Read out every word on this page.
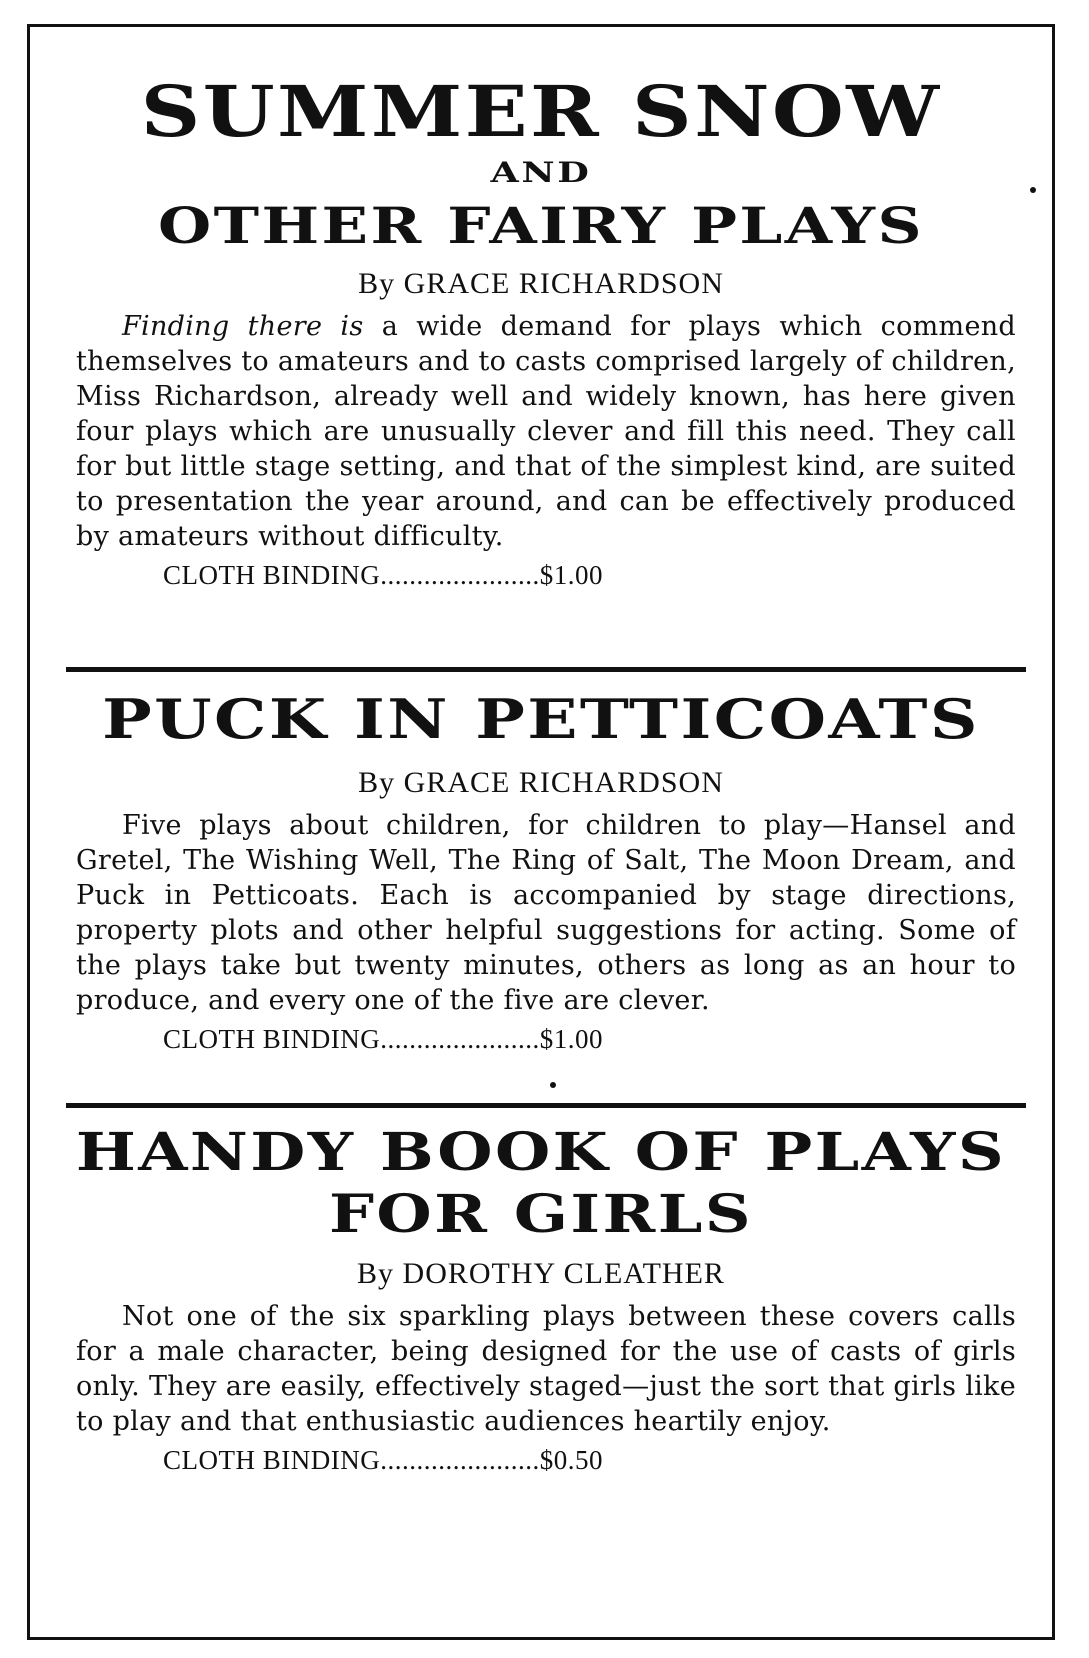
SUMMER SNOW

AND

OTHER FAIRY PLAYS

By GRACE RICHARDSON

Finding there is a wide demand for plays which commend themselves to amateurs and to casts comprised largely of children, Miss Richardson, already well and widely known, has here given four plays which are unusually clever and fill this need. They call for but little stage setting, and that of the simplest kind, are suited to presentation the year around, and can be effectively produced by amateurs without difficulty.

CLOTH BINDING......................$1.00

PUCK IN PETTICOATS

By GRACE RICHARDSON

Five plays about children, for children to play—Hansel and Gretel, The Wishing Well, The Ring of Salt, The Moon Dream, and Puck in Petticoats. Each is accompanied by stage directions, property plots and other helpful suggestions for acting. Some of the plays take but twenty minutes, others as long as an hour to produce, and every one of the five are clever.

CLOTH BINDING......................$1.00

HANDY BOOK OF PLAYS
FOR GIRLS

By DOROTHY CLEATHER

Not one of the six sparkling plays between these covers calls for a male character, being designed for the use of casts of girls only. They are easily, effectively staged—just the sort that girls like to play and that enthusiastic audiences heartily enjoy.

CLOTH BINDING......................$0.50
